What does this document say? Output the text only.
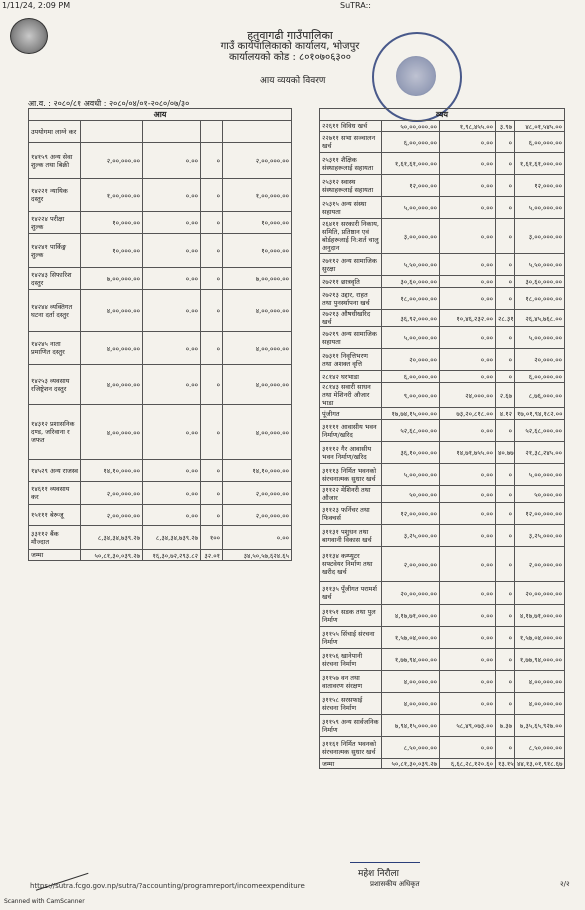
1/11/24, 2:09 PM	SuTRA::
हतुवागढी गाउँपालिका
गाउँ कार्यपालिकाको कार्यालय, भोजपुर
कार्यालयको कोड : ८०१०७०६३००
आय व्ययको विवरण
आ.व. : २०८०/८१ अवधी : २०८०/०४/०१-२०८०/०७/३०
आय				
उपयोगमा लाग्ने कर				
१४१५९ अन्य सेवा शुल्क तथा बिक्री	२,००,०००.००	०.००	०	२,००,०००.००
१४२२१ न्यायिक दस्तुर	१,००,०००.००	०.००	०	१,००,०००.००
१४२२४ परीक्षा शुल्क	१०,०००.००	०.००	०	१०,०००.००
१४२४१ पार्किङ्ग शुल्क	१०,०००.००	०.००	०	१०,०००.००
१४२४३ सिफारिश दस्तुर	७,००,०००.००	०.००	०	७,००,०००.००
१४२४४ व्यक्तिगत घटना दर्ता दस्तुर	४,००,०००.००	०.००	०	४,००,०००.००
१४२४५ नाता प्रमाणित दस्तुर	४,००,०००.००	०.००	०	४,००,०००.००
१४२५३ व्यवसाय रजिष्ट्रेशन दस्तुर	४,००,०००.००	०.००	०	४,००,०००.००
१४३१२ प्रशासनिक दण्ड, जरिवाना र जफत	४,००,०००.००	०.००	०	४,००,०००.००
१४५२९ अन्य राजस्व	१४,१०,०००.००	०.००	०	१४,१०,०००.००
१४६११ व्यवसाय कर	२,००,०००.००	०.००	०	२,००,०००.००
१५१११ बेरूजू	२,००,०००.००	०.००	०	२,००,०००.००
३३११२ बैंक मौज्दात	८,३४,३४,७३९.२७	८,३४,३४,७३९.२७	१००	०.००
जम्मा	५०,८१,३०,०३९.२७	१६,३०,७२,२९३.८२	३२.०१	३४,५०,५७,६२४.६५
व्यय				
२२६११ विविध खर्च	५०,००,०००.००	१,९८,४५५.००	३.९७	४८,०१,५४५.००
२२७११ सभा सञ्चालन खर्च	६,००,०००.००	०.००	०	६,००,०००.००
२५३११ शैक्षिक संस्थाहरूलाई सहायता	१,६१,६१,०००.००	०.००	०	१,६१,६१,०००.००
२५३१२ स्वास्थ संस्थाहरूलाई सहायता	१२,०००.००	०.००	०	१२,०००.००
२५३१५ अन्य संस्था सहायता	५,००,०००.००	०.००	०	५,००,०००.००
२६४११ सरकारी निकाय, समिति, प्रतिष्ठान एवं बोर्डहरूलाई नि:शर्त चालु अनुदान	३,००,०००.००	०.००	०	३,००,०००.००
२७११२ अन्य सामाजिक सुरक्षा	५,५०,०००.००	०.००	०	५,५०,०००.००
२७२११ छात्रवृति	३०,६०,०००.००	०.००	०	३०,६०,०००.००
२७२१३ उद्दार, राहत तथा पुनर्स्थापना खर्च	१८,००,०००.००	०.००	०	१८,००,०००.००
२७२१३ औषधीखरिद खर्च	३६,९२,०००.००	१०,४६,२३२.००	२८.३१	२६,४५,७६८.००
२७२१९ अन्य सामाजिक सहायता	५,००,०००.००	०.००	०	५,००,०००.००
२७३११ निवृत्तिभरण तथा अशक्त वृत्ति	२०,०००.००	०.००	०	२०,०००.००
२८१४२ घरभाडा	६,००,०००.००	०.००	०	६,००,०००.००
२८१४३ सवारी साधन तथा मेशिनरी औजार भाडा	९,००,०००.००	२४,०००.००	२.६७	८,७६,०००.००
पूंजीगत	१७,७४,१५,०००.००	७३,२०,८१८.००	४.१२	१७,०१,९४,१८२.००
३११११ आवासीय भवन निर्माण/खरिद	५२,६८,०००.००	०.००	०	५२,६८,०००.००
३१११२ गैर आवासीय भवन निर्माण/खरिद	३६,१०,०००.००	१४,७१,७५५.००	४०.७७	२१,३८,२४५.००
३१११३ निर्मित भवनको संरचनात्मक सुधार खर्च	५,००,०००.००	०.००	०	५,००,०००.००
३११२२ मेशिनरी तथा औजार	५०,०००.००	०.००	०	५०,०००.००
३११२३ फर्निचर तथा फिक्चर्स	१२,००,०००.००	०.००	०	१२,००,०००.००
३११३१ पशुधन तथा बागवानी विकास खर्च	३,२५,०००.००	०.००	०	३,२५,०००.००
३११३४ कम्प्युटर सफ्टवेयर निर्माण तथा खरीद खर्च	२,००,०००.००	०.००	०	२,००,०००.००
३११३५ पूँजीगत परामर्श खर्च	२०,००,०००.००	०.००	०	२०,००,०००.००
३११५१ सडक तथा पुल निर्माण	४,१७,७१,०००.००	०.००	०	४,१७,७१,०००.००
३११५५ सिंचाई संरचना निर्माण	१,५७,०४,०००.००	०.००	०	१,५७,०४,०००.००
३११५६ खानेपानी संरचना निर्माण	१,७७,९४,०००.००	०.००	०	१,७७,९४,०००.००
३११५७ वन तथा वातावरण संरक्षण	४,००,०००.००	०.००	०	४,००,०००.००
३११५८ सरसफाई संरचना निर्माण	४,००,०००.००	०.००	०	४,००,०००.००
३११५९ अन्य सार्वजनिक निर्माण	७,९४,१५,०००.००	५८,४९,०७३.००	७.३७	७,३५,६५,९२७.००
३११६१ निर्मित भवनको संरचनात्मक सुधार खर्च	८,५०,०००.००	०.००	०	८,५०,०००.००
जम्मा	५०,८१,३०,०३९.२७	६,६८,२८,१२०.६०	१३.१५	४४,१३,०१,९१८.६७
महेश निरौला
प्रशासकीय अधिकृत
https://sutra.fcgo.gov.np/sutra/?accounting/programreport/incomeexpenditure
Scanned with CamScanner
२/२
